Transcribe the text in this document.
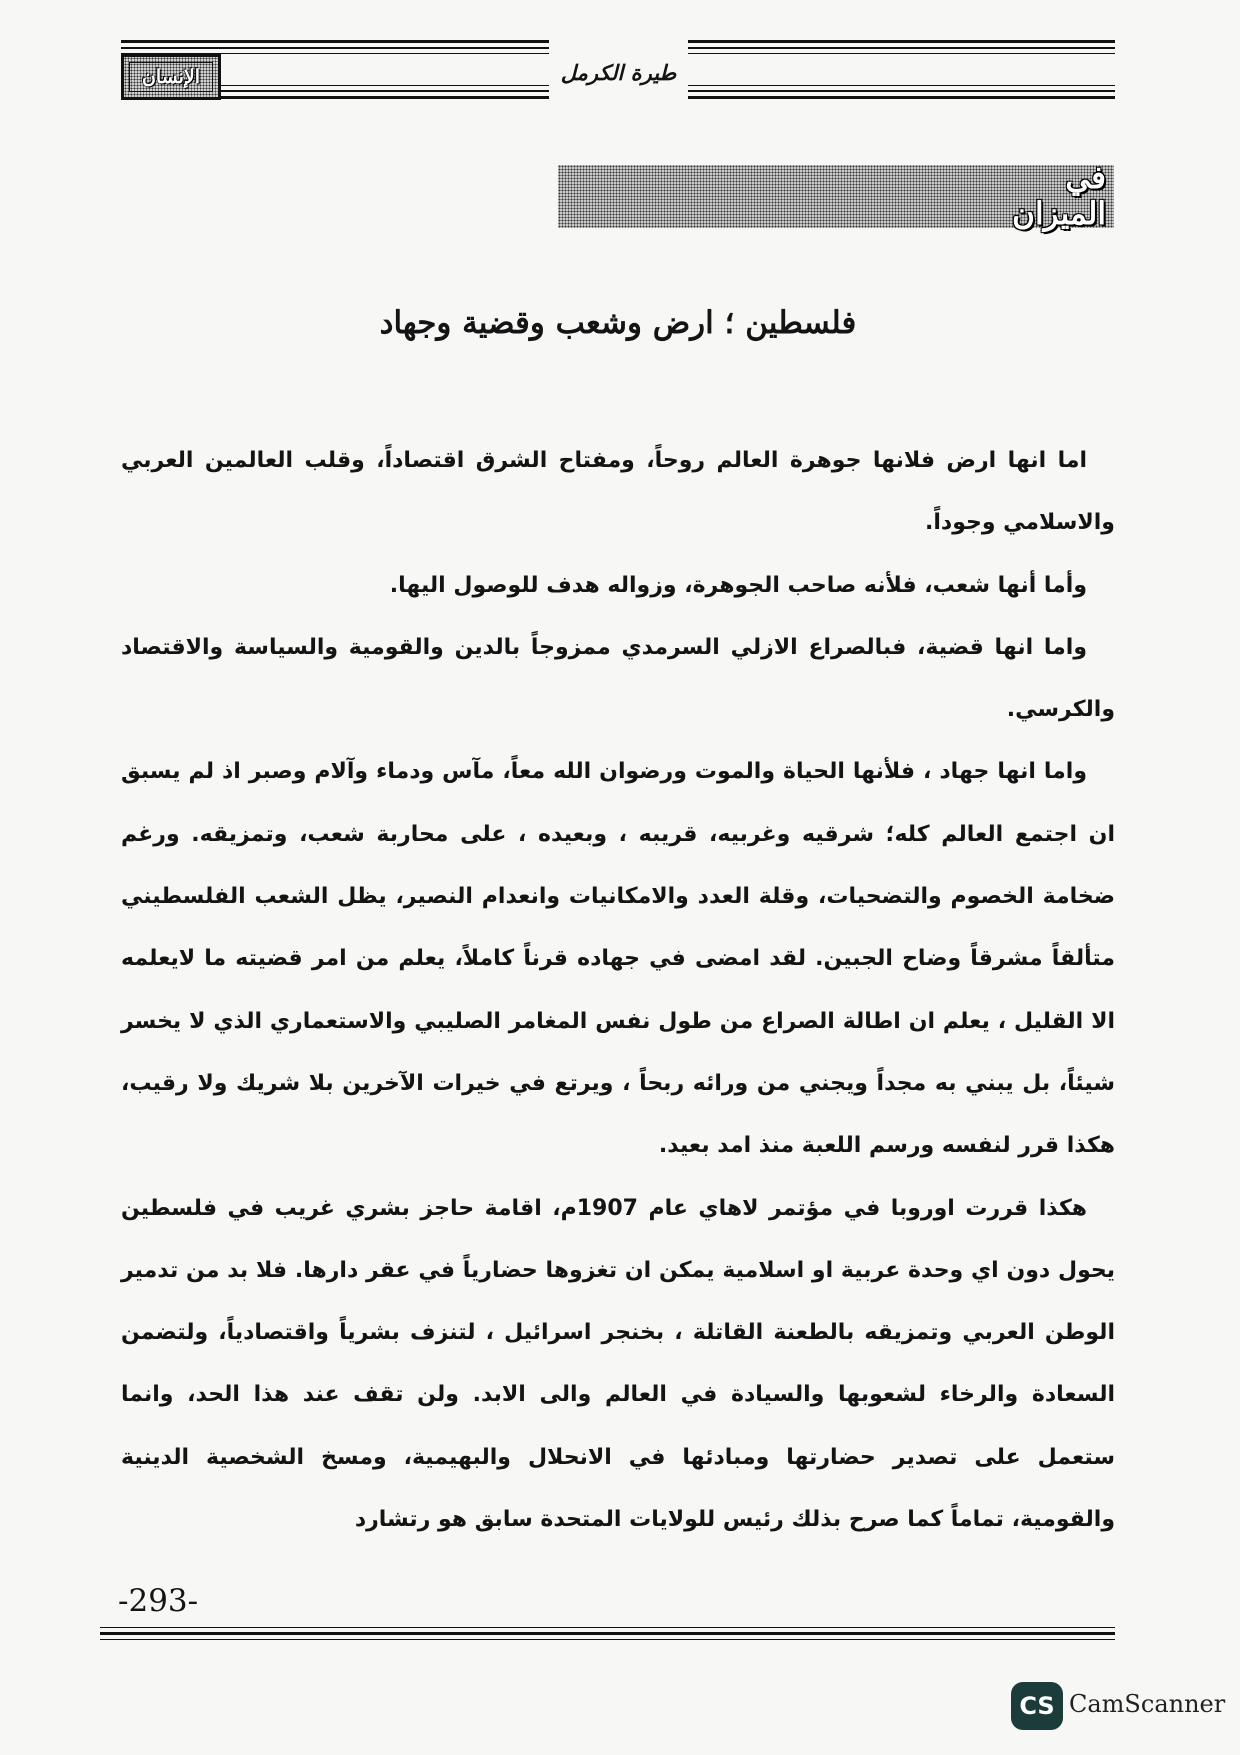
الإنسان	طيرة الكرمل
في الميزان
فلسطين ؛ ارض وشعب وقضية وجهاد

اما انها ارض فلانها جوهرة العالم روحاً، ومفتاح الشرق اقتصاداً، وقلب العالمين العربي والاسلامي وجوداً.

وأما أنها شعب، فلأنه صاحب الجوهرة، وزواله هدف للوصول اليها.

واما انها قضية، فبالصراع الازلي السرمدي ممزوجاً بالدين والقومية والسياسة والاقتصاد والكرسي.

واما انها جهاد ، فلأنها الحياة والموت ورضوان الله معاً، مآس ودماء وآلام وصبر اذ لم يسبق ان اجتمع العالم كله؛ شرقيه وغربيه، قريبه ، وبعيده ، على محاربة شعب، وتمزيقه. ورغم ضخامة الخصوم والتضحيات، وقلة العدد والامكانيات وانعدام النصير، يظل الشعب الفلسطيني متألقاً مشرقاً وضاح الجبين. لقد امضى في جهاده قرناً كاملاً، يعلم من امر قضيته ما لايعلمه الا القليل ، يعلم ان اطالة الصراع من طول نفس المغامر الصليبي والاستعماري الذي لا يخسر شيئاً، بل يبني به مجداً ويجني من ورائه ربحاً ، ويرتع في خيرات الآخرين بلا شريك ولا رقيب، هكذا قرر لنفسه ورسم اللعبة منذ امد بعيد.

هكذا قررت اوروبا في مؤتمر لاهاي عام 1907م، اقامة حاجز بشري غريب في فلسطين يحول دون اي وحدة عربية او اسلامية يمكن ان تغزوها حضارياً في عقر دارها. فلا بد من تدمير الوطن العربي وتمزيقه بالطعنة القاتلة ، بخنجر اسرائيل ، لتنزف بشرياً واقتصادياً، ولتضمن السعادة والرخاء لشعوبها والسيادة في العالم والى الابد. ولن تقف عند هذا الحد، وانما ستعمل على تصدير حضارتها ومبادئها في الانحلال والبهيمية، ومسخ الشخصية الدينية والقومية، تماماً كما صرح بذلك رئيس للولايات المتحدة سابق هو رتشارد

-293-
CS CamScanner
